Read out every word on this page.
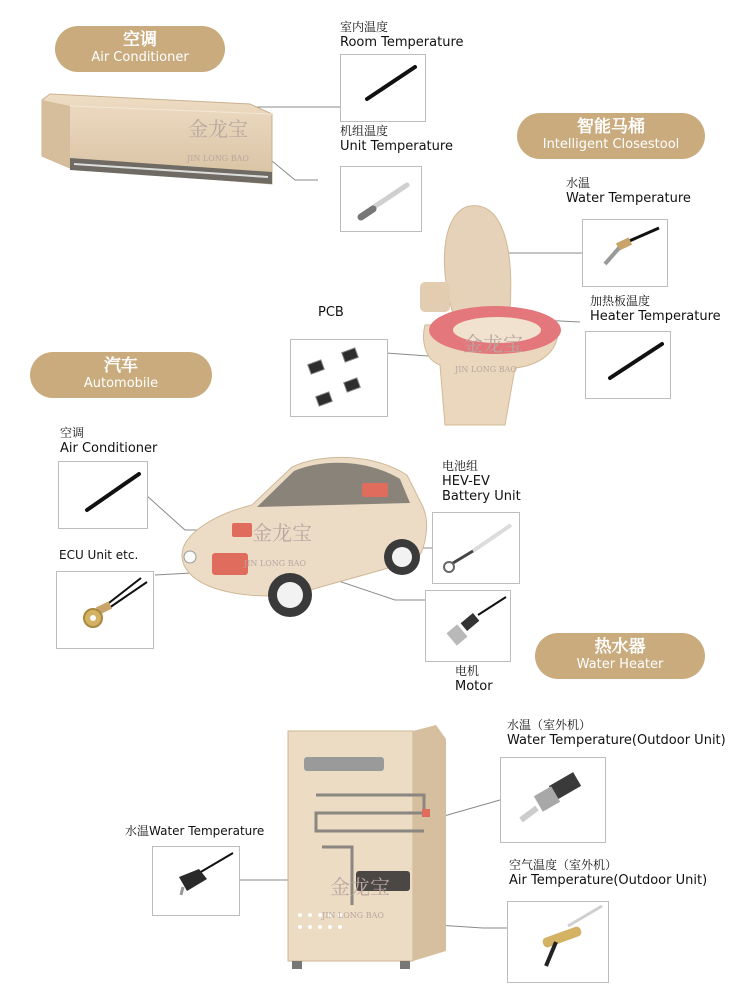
空调
Air Conditioner
金龙宝
JIN LONG BAO
室内温度
Room Temperature
机组温度
Unit Temperature
智能马桶
Intelligent Closestool
水温
Water Temperature
金龙宝
JIN LONG BAO
加热板温度
Heater Temperature
PCB
汽车
Automobile
空调
Air Conditioner
金龙宝
JIN LONG BAO
电池组
HEV-EV
Battery Unit
ECU Unit etc.
电机
Motor
热水器
Water Heater
金龙宝
JIN LONG BAO
水温（室外机）
Water Temperature(Outdoor Unit)
水温Water Temperature
空气温度（室外机）
Air Temperature(Outdoor Unit)
